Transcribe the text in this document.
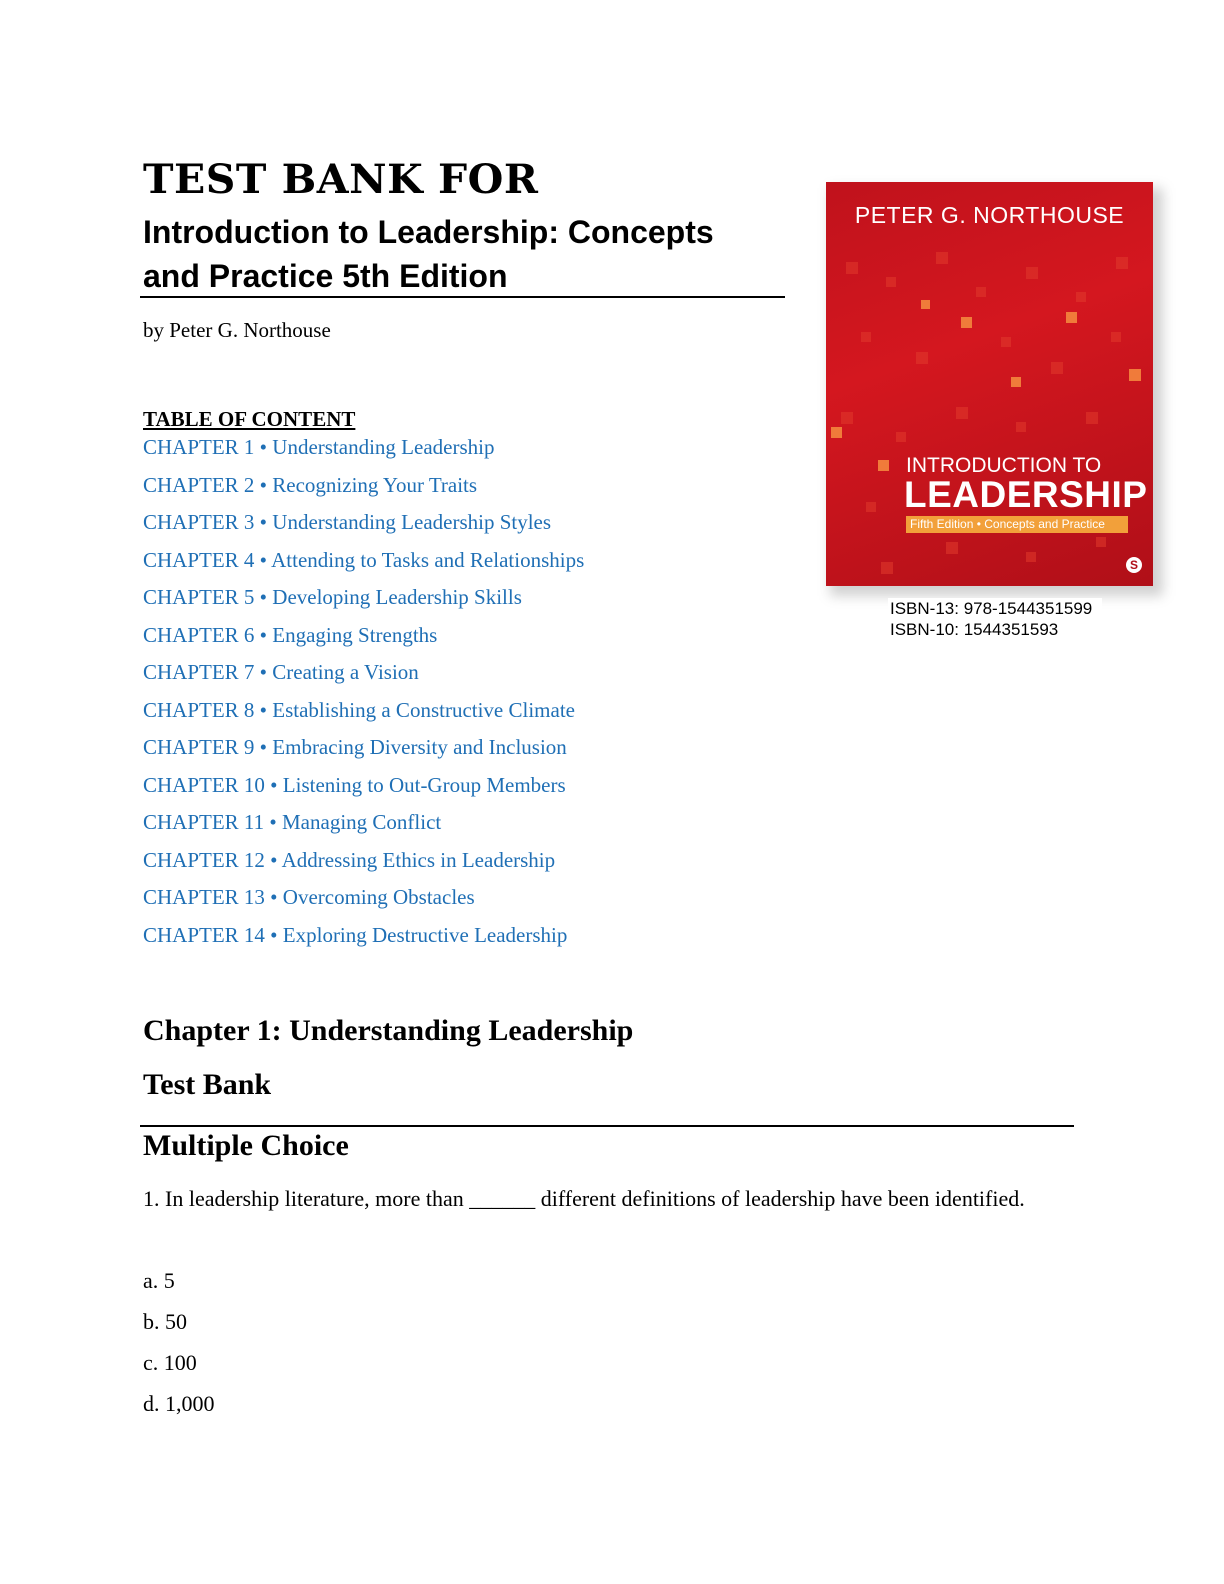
TEST BANK FOR
Introduction to Leadership: Concepts
and Practice 5th Edition
by Peter G. Northouse
TABLE OF CONTENT
CHAPTER 1 • Understanding Leadership
CHAPTER 2 • Recognizing Your Traits
CHAPTER 3 • Understanding Leadership Styles
CHAPTER 4 • Attending to Tasks and Relationships
CHAPTER 5 • Developing Leadership Skills
CHAPTER 6 • Engaging Strengths
CHAPTER 7 • Creating a Vision
CHAPTER 8 • Establishing a Constructive Climate
CHAPTER 9 • Embracing Diversity and Inclusion
CHAPTER 10 • Listening to Out-Group Members
CHAPTER 11 • Managing Conflict
CHAPTER 12 • Addressing Ethics in Leadership
CHAPTER 13 • Overcoming Obstacles
CHAPTER 14 • Exploring Destructive Leadership
PETER G. NORTHOUSE
INTRODUCTION TO
LEADERSHIP
Fifth Edition • Concepts and Practice
S
ISBN-13: 978-1544351599
ISBN-10: 1544351593
Chapter 1: Understanding Leadership
Test Bank
Multiple Choice
1. In leadership literature, more than ______ different definitions of leadership have been identified.
a. 5
b. 50
c. 100
d. 1,000
